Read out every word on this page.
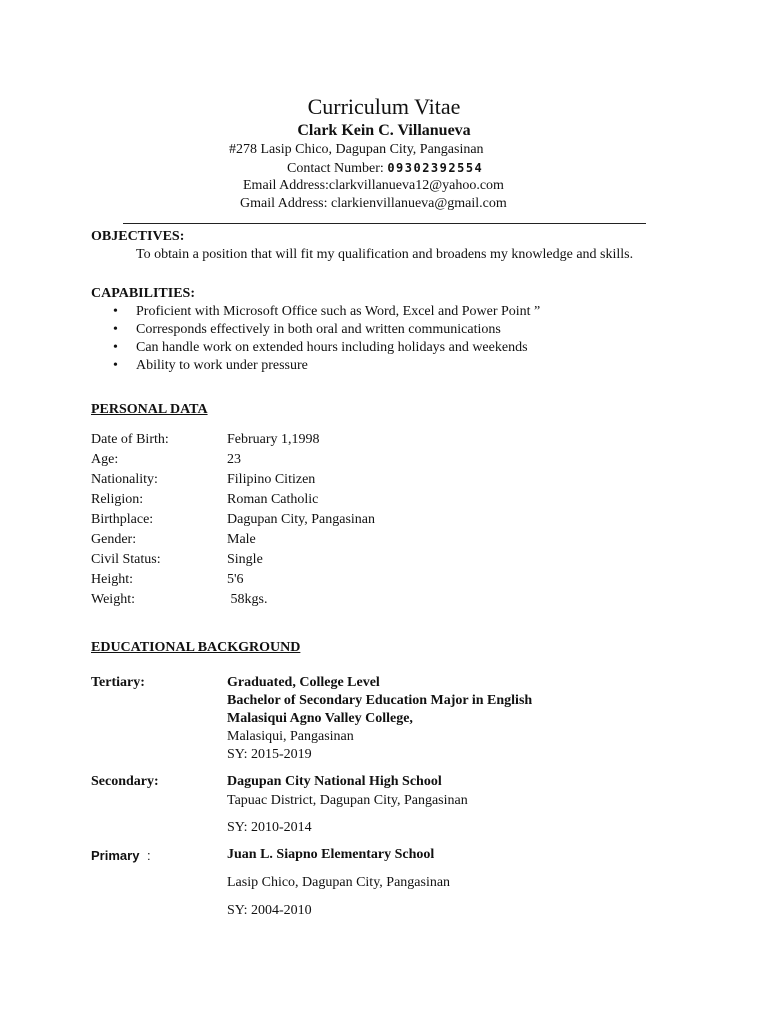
Curriculum Vitae
Clark Kein C. Villanueva
#278 Lasip Chico, Dagupan City, Pangasinan
Contact Number: 09302392554
Email Address:clarkvillanueva12@yahoo.com
Gmail Address: clarkienvillanueva@gmail.com
OBJECTIVES:
To obtain a position that will fit my qualification and broadens my knowledge and skills.
CAPABILITIES:
• Proficient with Microsoft Office such as Word, Excel and Power Point ”
• Corresponds effectively in both oral and written communications
• Can handle work on extended hours including holidays and weekends
• Ability to work under pressure
PERSONAL DATA
Date of Birth:	February 1,1998
Age:	23
Nationality:	Filipino Citizen
Religion:	Roman Catholic
Birthplace:	Dagupan City, Pangasinan
Gender:	Male
Civil Status:	Single
Height:	5'6
Weight:	58kgs.
EDUCATIONAL BACKGROUND
Tertiary:	Graduated, College Level
Bachelor of Secondary Education Major in English
Malasiqui Agno Valley College,
Malasiqui, Pangasinan
SY: 2015-2019
Secondary:	Dagupan City National High School
Tapuac District, Dagupan City, Pangasinan
SY: 2010-2014
Primary :	Juan L. Siapno Elementary School
Lasip Chico, Dagupan City, Pangasinan
SY: 2004-2010
